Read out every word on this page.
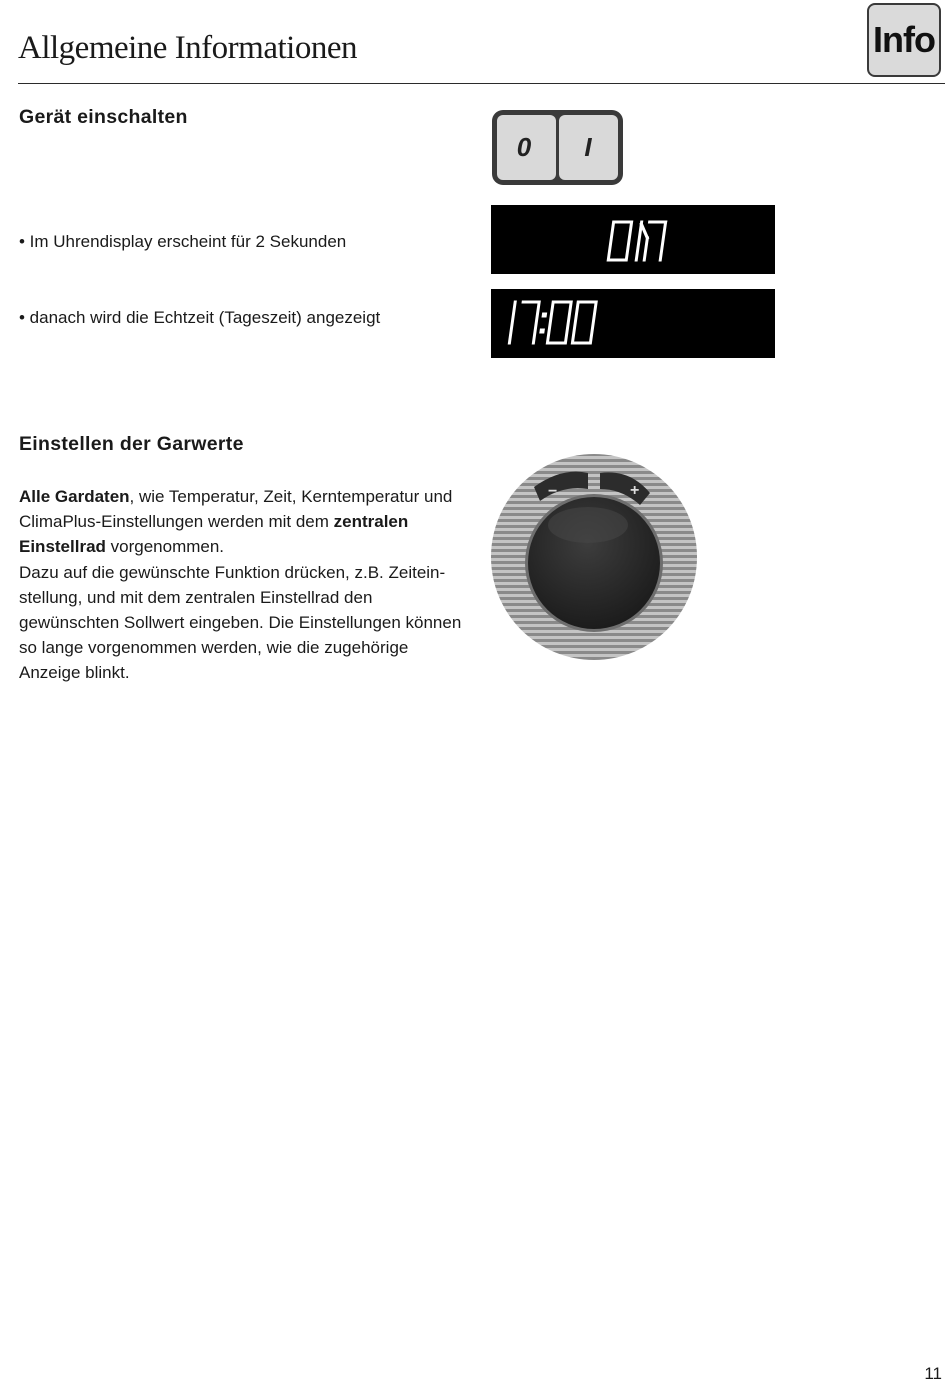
Allgemeine Informationen	Info
Gerät einschalten
0 I
• Im Uhrendisplay erscheint für 2 Sekunden
• danach wird die Echtzeit (Tageszeit) angezeigt
ON
17:00
Einstellen der Garwerte
Alle Gardaten, wie Temperatur, Zeit, Kerntemperatur und ClimaPlus-Einstellungen werden mit dem zentralen Einstellrad vorgenommen.
Dazu auf die gewünschte Funktion drücken, z.B. Zeitein-stellung, und mit dem zentralen Einstellrad den gewünschten Sollwert eingeben. Die Einstellungen können so lange vorgenommen werden, wie die zugehörige Anzeige blinkt.
−	+
11
